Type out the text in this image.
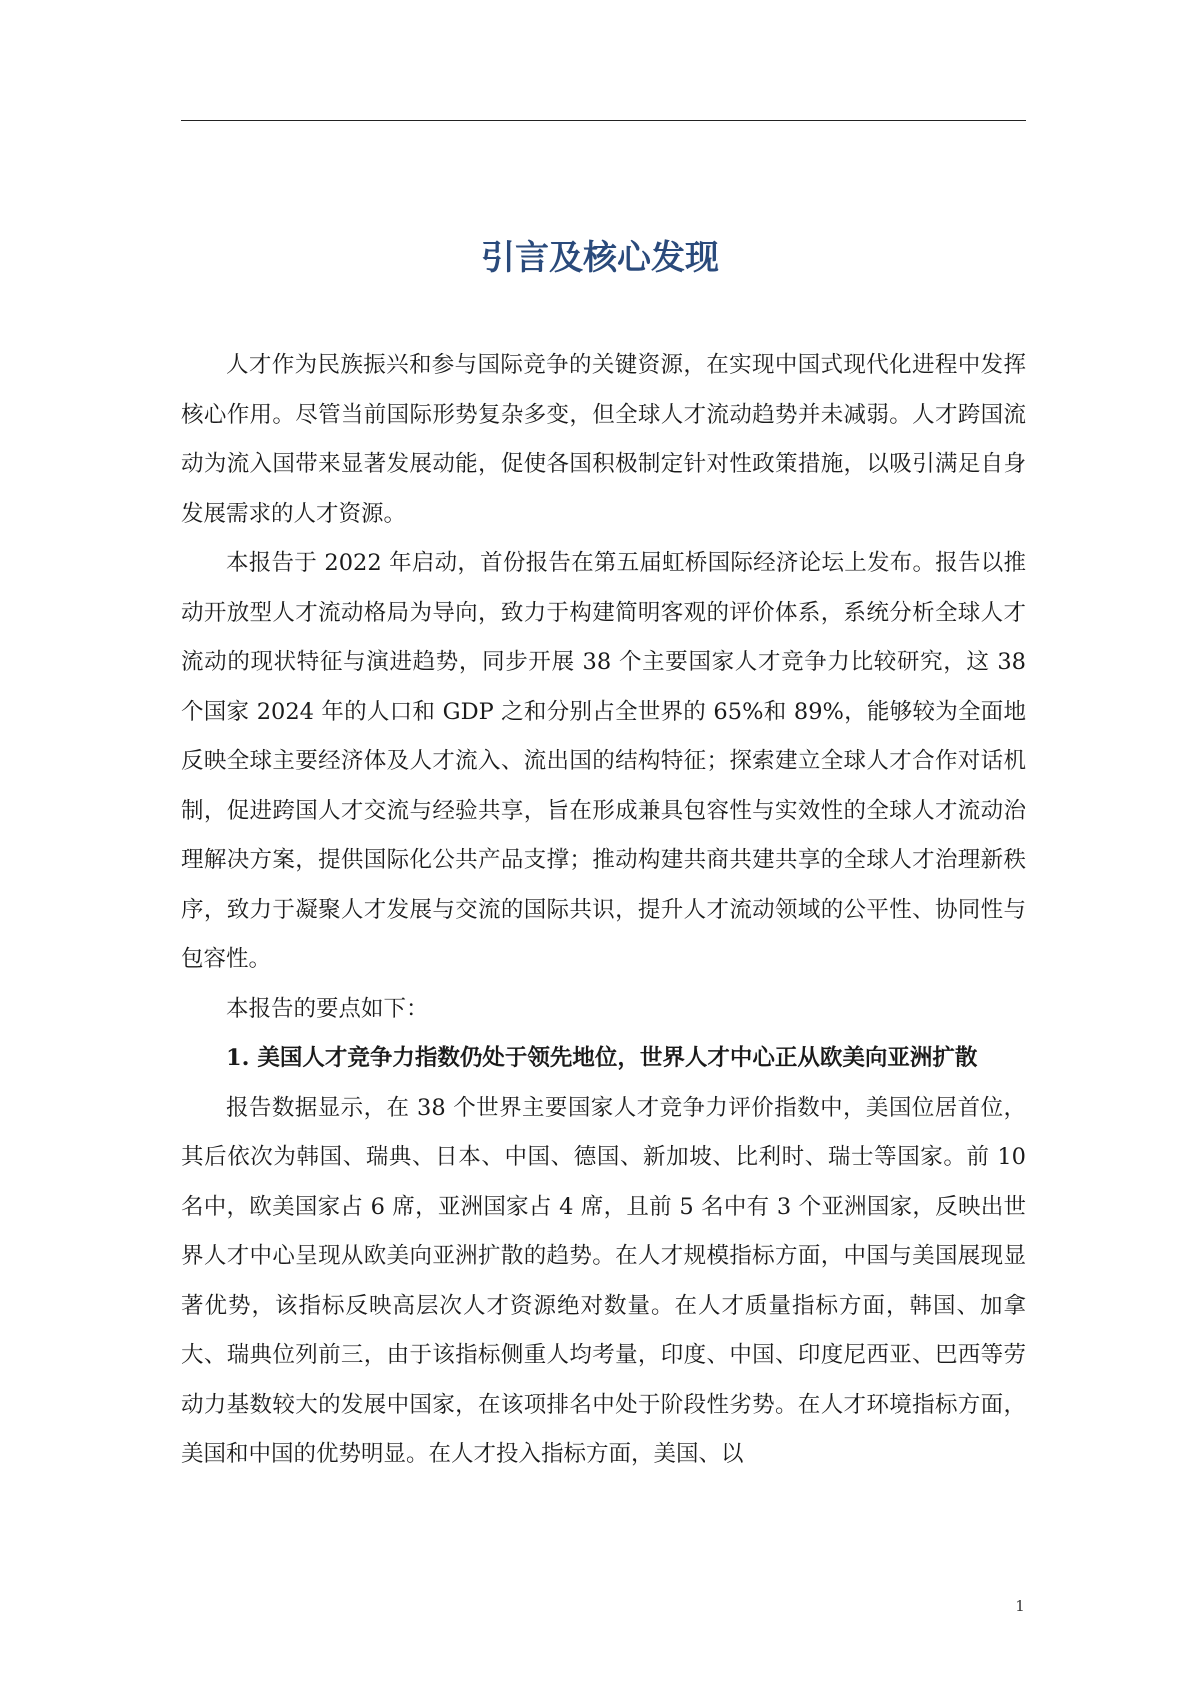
引言及核心发现

人才作为民族振兴和参与国际竞争的关键资源，在实现中国式现代化进程中发挥核心作用。尽管当前国际形势复杂多变，但全球人才流动趋势并未减弱。人才跨国流动为流入国带来显著发展动能，促使各国积极制定针对性政策措施，以吸引满足自身发展需求的人才资源。

本报告于 2022 年启动，首份报告在第五届虹桥国际经济论坛上发布。报告以推动开放型人才流动格局为导向，致力于构建简明客观的评价体系，系统分析全球人才流动的现状特征与演进趋势，同步开展 38 个主要国家人才竞争力比较研究，这 38 个国家 2024 年的人口和 GDP 之和分别占全世界的 65%和 89%，能够较为全面地反映全球主要经济体及人才流入、流出国的结构特征；探索建立全球人才合作对话机制，促进跨国人才交流与经验共享，旨在形成兼具包容性与实效性的全球人才流动治理解决方案，提供国际化公共产品支撑；推动构建共商共建共享的全球人才治理新秩序，致力于凝聚人才发展与交流的国际共识，提升人才流动领域的公平性、协同性与包容性。

本报告的要点如下：

1. 美国人才竞争力指数仍处于领先地位，世界人才中心正从欧美向亚洲扩散

报告数据显示，在 38 个世界主要国家人才竞争力评价指数中，美国位居首位，其后依次为韩国、瑞典、日本、中国、德国、新加坡、比利时、瑞士等国家。前 10 名中，欧美国家占 6 席，亚洲国家占 4 席，且前 5 名中有 3 个亚洲国家，反映出世界人才中心呈现从欧美向亚洲扩散的趋势。在人才规模指标方面，中国与美国展现显著优势，该指标反映高层次人才资源绝对数量。在人才质量指标方面，韩国、加拿大、瑞典位列前三，由于该指标侧重人均考量，印度、中国、印度尼西亚、巴西等劳动力基数较大的发展中国家，在该项排名中处于阶段性劣势。在人才环境指标方面，美国和中国的优势明显。在人才投入指标方面，美国、以

1
